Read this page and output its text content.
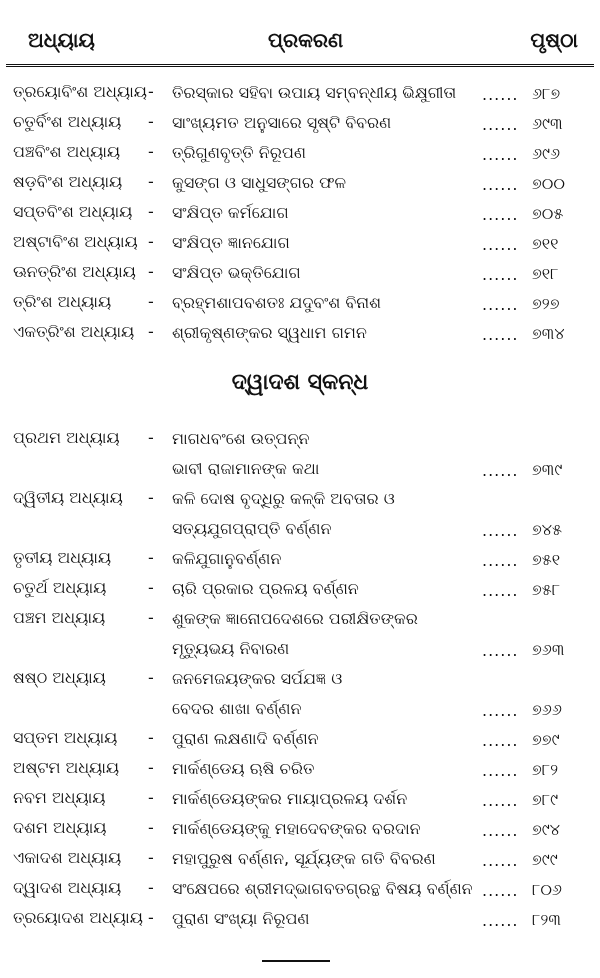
ଅଧ୍ୟାୟ	ପ୍ରକରଣ	ପୃଷ୍ଠା
ତ୍ରୟୋବିଂଶ ଅଧ୍ୟାୟ - ତିରସ୍କାର ସହିବା ଉପାୟ ସମ୍ବନ୍ଧୀୟ ଭିକ୍ଷୁଗୀତା	...... ୬୮୭
ଚତୁର୍ବିଂଶ ଅଧ୍ୟାୟ - ସାଂଖ୍ୟମତ ଅନୁସାରେ ସୃଷ୍ଟି ବିବରଣ	...... ୬୯୩
ପଞ୍ଚବିଂଶ ଅଧ୍ୟାୟ - ତ୍ରିଗୁଣବୃତ୍ତି ନିରୂପଣ	...... ୬୯୬
ଷଡ଼ବିଂଶ ଅଧ୍ୟାୟ - କୁସଙ୍ଗ ଓ ସାଧୁସଙ୍ଗର ଫଳ	...... ୭୦୦
ସପ୍ତବିଂଶ ଅଧ୍ୟାୟ - ସଂକ୍ଷିପ୍ତ କର୍ମଯୋଗ	...... ୭୦୫
ଅଷ୍ଟାବିଂଶ ଅଧ୍ୟାୟ - ସଂକ୍ଷିପ୍ତ ଜ୍ଞାନଯୋଗ	...... ୭୧୧
ଊନତ୍ରିଂଶ ଅଧ୍ୟାୟ - ସଂକ୍ଷିପ୍ତ ଭକ୍ତିଯୋଗ	...... ୭୧୮
ତ୍ରିଂଶ ଅଧ୍ୟାୟ - ବ୍ରହ୍ମଶାପବଶତଃ ଯଦୁବଂଶ ବିନାଶ	...... ୭୨୭
ଏକତ୍ରିଂଶ ଅଧ୍ୟାୟ - ଶ୍ରୀକୃଷ୍ଣଙ୍କର ସ୍ୱଧାମ ଗମନ	...... ୭୩୪
ଦ୍ୱାଦଶ ସ୍କନ୍ଧ
ପ୍ରଥମ ଅଧ୍ୟାୟ - ମାଗଧବଂଶେ ଉତ୍ପନ୍ନ
ଭାବୀ ରାଜାମାନଙ୍କ କଥା	...... ୭୩୯
ଦ୍ୱିତୀୟ ଅଧ୍ୟାୟ - କଳି ଦୋଷ ବୃଦ୍ଧିରୁ କଳ୍କି ଅବତାର ଓ
ସତ୍ୟଯୁଗପ୍ରାପ୍ତି ବର୍ଣ୍ଣନ	...... ୭୪୫
ତୃତୀୟ ଅଧ୍ୟାୟ - କଳିଯୁଗାନୁବର୍ଣ୍ଣନ	...... ୭୫୧
ଚତୁର୍ଥ ଅଧ୍ୟାୟ	- ଚାରି ପ୍ରକାର ପ୍ରଳୟ ବର୍ଣ୍ଣନ	...... ୭୫୮
ପଞ୍ଚମ ଅଧ୍ୟାୟ	- ଶୁକଙ୍କ ଜ୍ଞାନୋପଦେଶରେ ପରୀକ୍ଷିତଙ୍କର
ମୃତ୍ୟୁଭୟ ନିବାରଣ	...... ୭୬୩
ଷଷ୍ଠ ଅଧ୍ୟାୟ	- ଜନମେଜୟଙ୍କର ସର୍ପଯଜ୍ଞ ଓ
ବେଦର ଶାଖା ବର୍ଣ୍ଣନ	...... ୭୬୬
ସପ୍ତମ ଅଧ୍ୟାୟ - ପୁରାଣ ଲକ୍ଷଣାଦି ବର୍ଣ୍ଣନ	...... ୭୭୯
ଅଷ୍ଟମ ଅଧ୍ୟାୟ - ମାର୍କଣ୍ଡେୟ ଋଷି ଚରିତ	...... ୭୮୨
ନବମ ଅଧ୍ୟାୟ	- ମାର୍କଣ୍ଡେୟଙ୍କର ମାୟାପ୍ରଳୟ ଦର୍ଶନ	...... ୭୮୯
ଦଶମ ଅଧ୍ୟାୟ	- ମାର୍କଣ୍ଡେୟଙ୍କୁ ମହାଦେବଙ୍କର ବରଦାନ	...... ୭୯୪
ଏକାଦଶ ଅଧ୍ୟାୟ - ମହାପୁରୁଷ ବର୍ଣ୍ଣନ, ସୂର୍ଯ୍ୟଙ୍କ ଗତି ବିବରଣ	...... ୭୯୯
ଦ୍ୱାଦଶ ଅଧ୍ୟାୟ - ସଂକ୍ଷେପରେ ଶ୍ରୀମଦ୍ଭାଗବତଗ୍ରନ୍ଥ ବିଷୟ ବର୍ଣ୍ଣନ ...... ୮୦୬
ତ୍ରୟୋଦଶ ଅଧ୍ୟାୟ - ପୁରାଣ ସଂଖ୍ୟା ନିରୂପଣ	...... ୮୨୩
